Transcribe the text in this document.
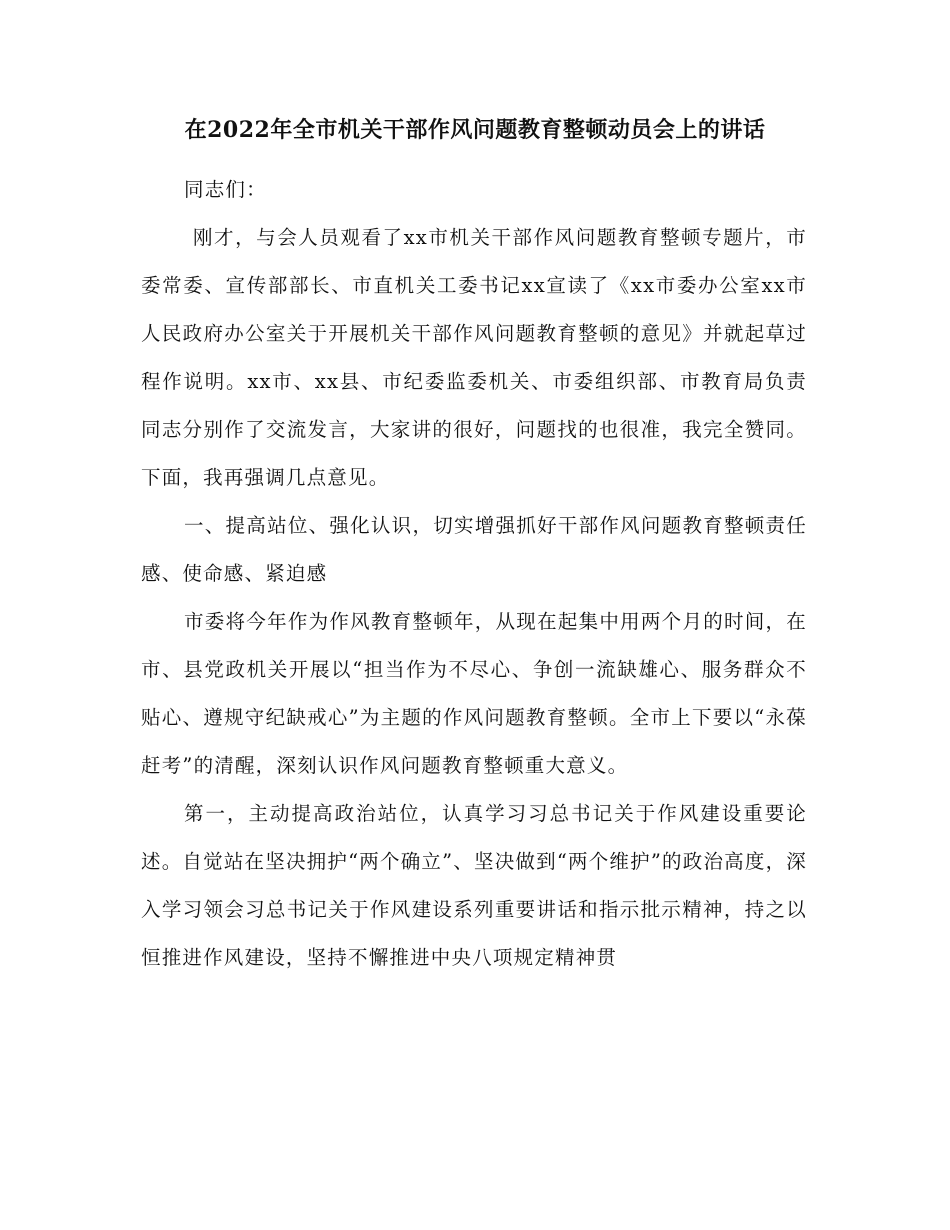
在2022年全市机关干部作风问题教育整顿动员会上的讲话

同志们：

刚才，与会人员观看了xx市机关干部作风问题教育整顿专题片，市委常委、宣传部部长、市直机关工委书记xx宣读了《xx市委办公室xx市人民政府办公室关于开展机关干部作风问题教育整顿的意见》并就起草过程作说明。xx市、xx县、市纪委监委机关、市委组织部、市教育局负责同志分别作了交流发言，大家讲的很好，问题找的也很准，我完全赞同。下面，我再强调几点意见。

一、提高站位、强化认识，切实增强抓好干部作风问题教育整顿责任感、使命感、紧迫感

市委将今年作为作风教育整顿年，从现在起集中用两个月的时间，在市、县党政机关开展以“担当作为不尽心、争创一流缺雄心、服务群众不贴心、遵规守纪缺戒心”为主题的作风问题教育整顿。全市上下要以“永葆赶考”的清醒，深刻认识作风问题教育整顿重大意义。

第一，主动提高政治站位，认真学习习总书记关于作风建设重要论述。自觉站在坚决拥护“两个确立”、坚决做到“两个维护”的政治高度，深入学习领会习总书记关于作风建设系列重要讲话和指示批示精神，持之以恒推进作风建设，坚持不懈推进中央八项规定精神贯
